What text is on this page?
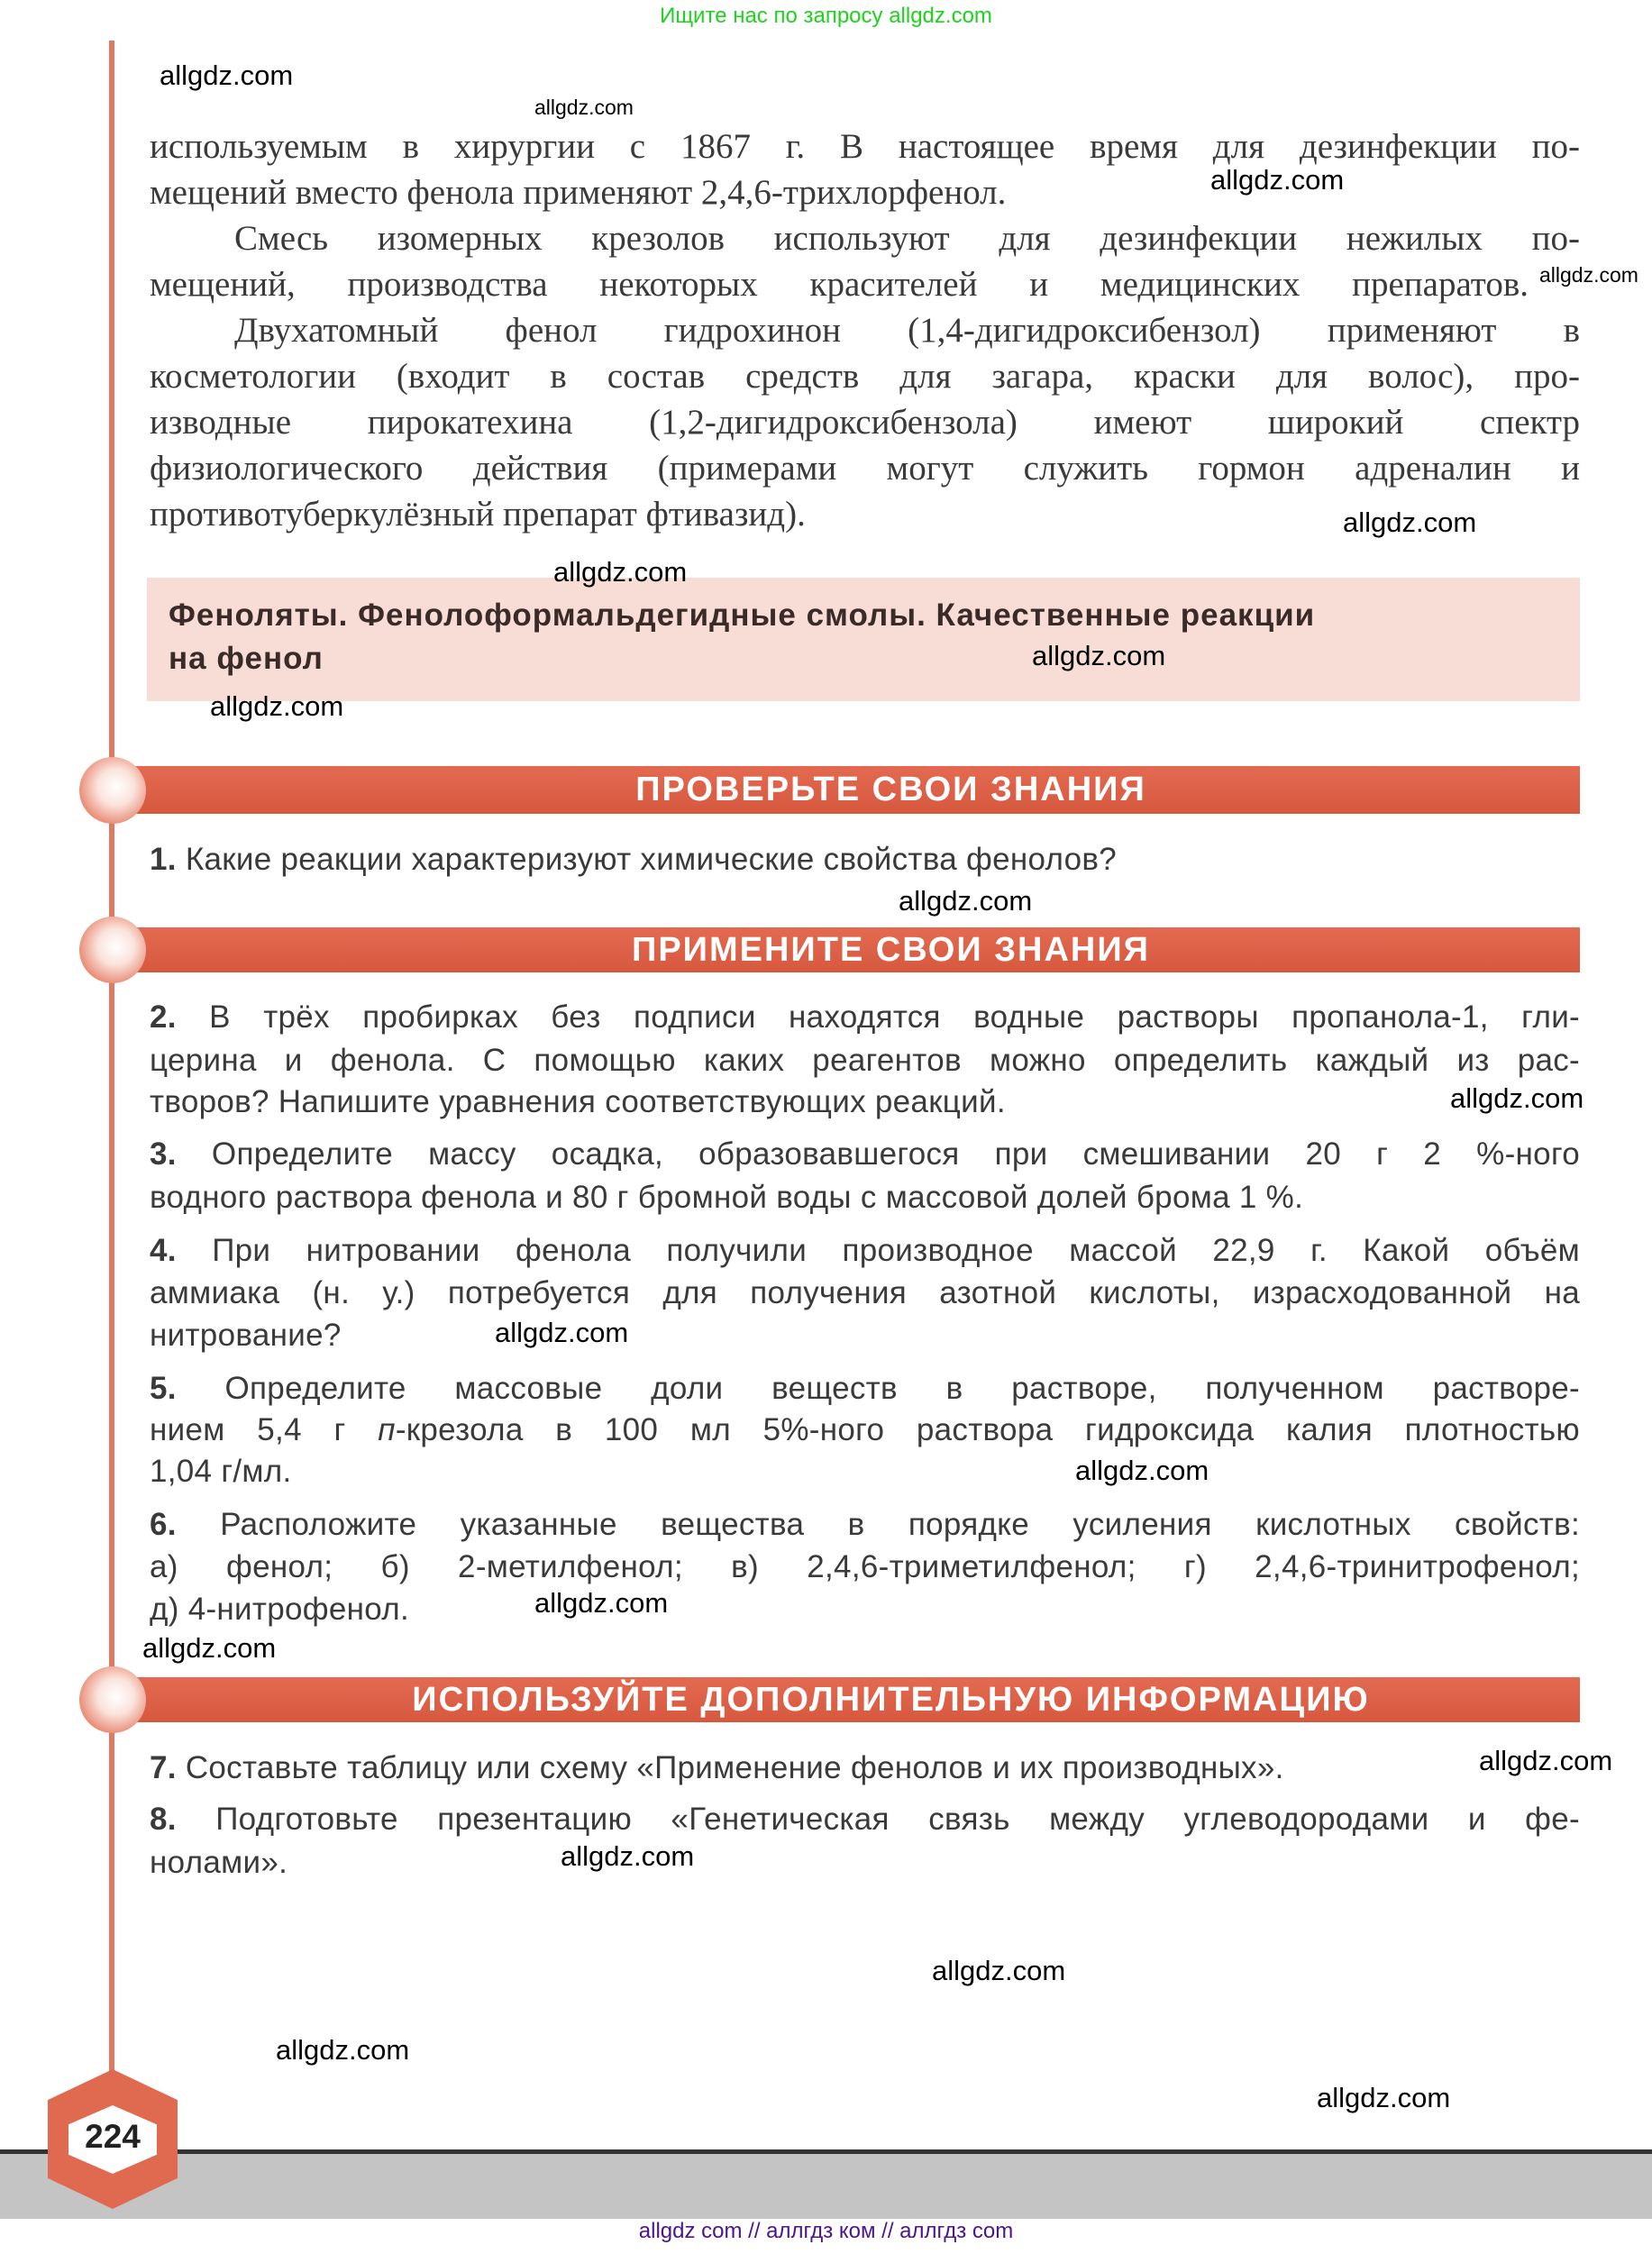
Ищите нас по запросу allgdz.com
используемым в хирургии с 1867 г. В настоящее время для дезинфекции по-
мещений вместо фенола применяют 2,4,6-трихлорфенол.
Смесь изомерных крезолов используют для дезинфекции нежилых по-
мещений, производства некоторых красителей и медицинских препаратов.
Двухатомный фенол гидрохинон (1,4-дигидроксибензол) применяют в
косметологии (входит в состав средств для загара, краски для волос), про-
изводные пирокатехина (1,2-дигидроксибензола) имеют широкий спектр
физиологического действия (примерами могут служить гормон адреналин и
противотуберкулёзный препарат фтивазид).
Феноляты. Фенолоформальдегидные смолы. Качественные реакции
на фенол
ПРОВЕРЬТЕ СВОИ ЗНАНИЯ
1. Какие реакции характеризуют химические свойства фенолов?
ПРИМЕНИТЕ СВОИ ЗНАНИЯ
2. В трёх пробирках без подписи находятся водные растворы пропанола-1, гли-
церина и фенола. С помощью каких реагентов можно определить каждый из рас-
творов? Напишите уравнения соответствующих реакций.
3. Определите массу осадка, образовавшегося при смешивании 20 г 2 %-ного
водного раствора фенола и 80 г бромной воды с массовой долей брома 1 %.
4. При нитровании фенола получили производное массой 22,9 г. Какой объём
аммиака (н. у.) потребуется для получения азотной кислоты, израсходованной на
нитрование?
5. Определите массовые доли веществ в растворе, полученном растворе-
нием 5,4 г п-крезола в 100 мл 5%-ного раствора гидроксида калия плотностью
1,04 г/мл.
6. Расположите указанные вещества в порядке усиления кислотных свойств:
а) фенол; б) 2-метилфенол; в) 2,4,6-триметилфенол; г) 2,4,6-тринитрофенол;
д) 4-нитрофенол.
ИСПОЛЬЗУЙТЕ ДОПОЛНИТЕЛЬНУЮ ИНФОРМАЦИЮ
7. Составьте таблицу или схему «Применение фенолов и их производных».
8. Подготовьте презентацию «Генетическая связь между углеводородами и фе-
нолами».
224
allgdz com // аллгдз ком // аллгдз com
allgdz.com
allgdz.com
allgdz.com
allgdz.com
allgdz.com
allgdz.com
allgdz.com
allgdz.com
allgdz.com
allgdz.com
allgdz.com
allgdz.com
allgdz.com
allgdz.com
allgdz.com
allgdz.com
allgdz.com
allgdz.com
allgdz.com
